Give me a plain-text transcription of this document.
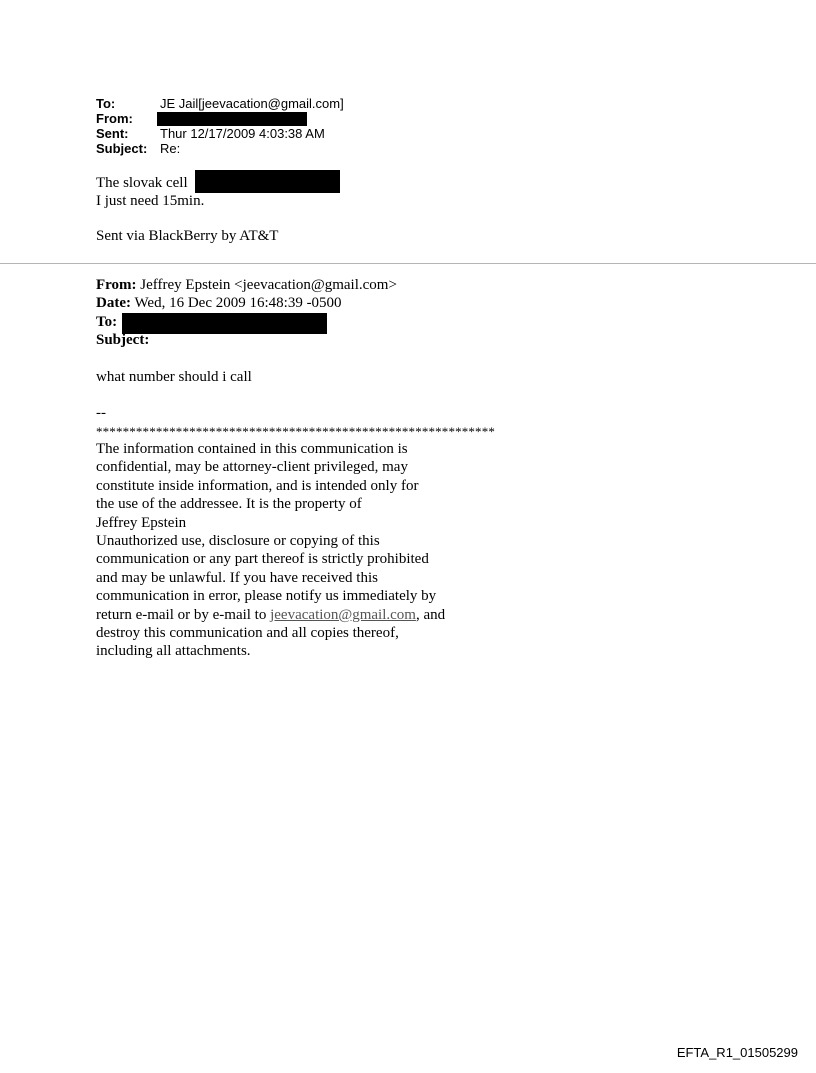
To:	JE Jail[jeevacation@gmail.com]
From:
Sent: Thur 12/17/2009 4:03:38 AM
Subject: Re:
The slovak cell
I just need 15min.
Sent via BlackBerry by AT&T
From: Jeffrey Epstein <jeevacation@gmail.com>
Date: Wed, 16 Dec 2009 16:48:39 -0500
To:
Subject:
what number should i call
--
************************************************************
The information contained in this communication is
confidential, may be attorney-client privileged, may
constitute inside information, and is intended only for
the use of the addressee. It is the property of
Jeffrey Epstein
Unauthorized use, disclosure or copying of this
communication or any part thereof is strictly prohibited
and may be unlawful. If you have received this
communication in error, please notify us immediately by
return e-mail or by e-mail to jeevacation@gmail.com, and
destroy this communication and all copies thereof,
including all attachments.
EFTA_R1_01505299
